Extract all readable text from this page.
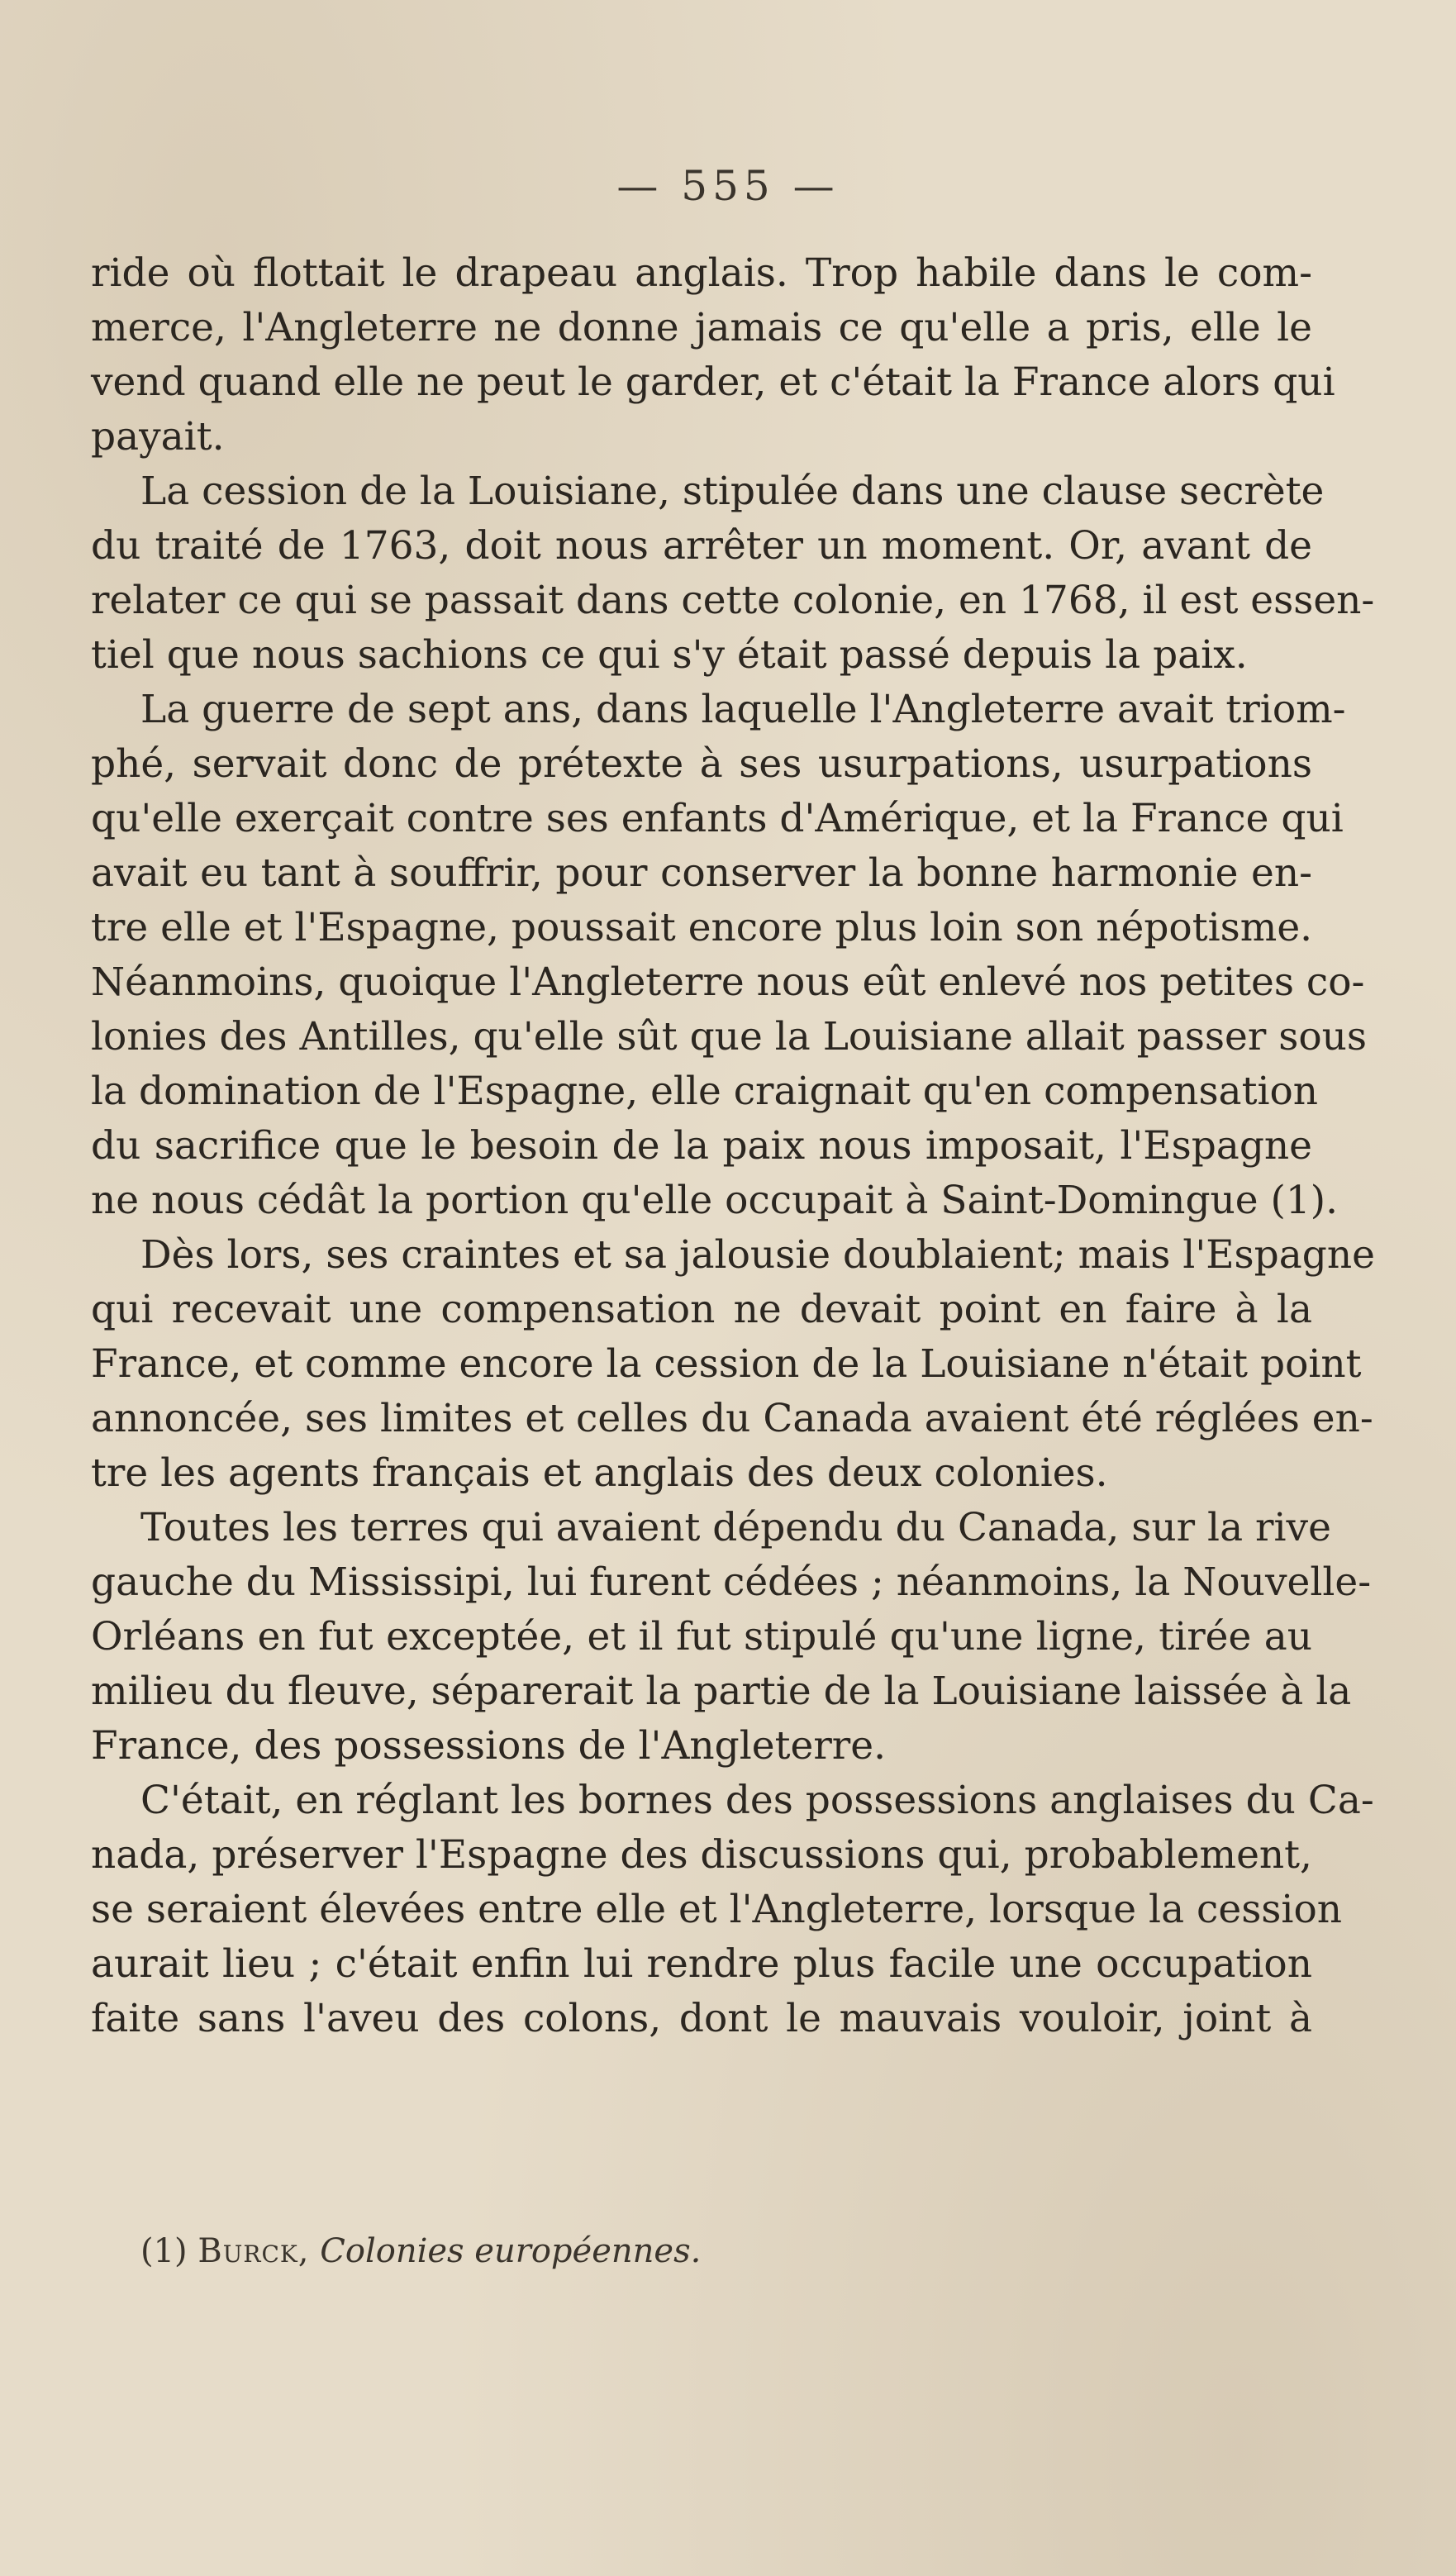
— 555 —
ride où flottait le drapeau anglais. Trop habile dans le com-
merce, l'Angleterre ne donne jamais ce qu'elle a pris, elle le
vend quand elle ne peut le garder, et c'était la France alors qui
payait.
La cession de la Louisiane, stipulée dans une clause secrète
du traité de 1763, doit nous arrêter un moment. Or, avant de
relater ce qui se passait dans cette colonie, en 1768, il est essen-
tiel que nous sachions ce qui s'y était passé depuis la paix.
La guerre de sept ans, dans laquelle l'Angleterre avait triom-
phé, servait donc de prétexte à ses usurpations, usurpations
qu'elle exerçait contre ses enfants d'Amérique, et la France qui
avait eu tant à souffrir, pour conserver la bonne harmonie en-
tre elle et l'Espagne, poussait encore plus loin son népotisme.
Néanmoins, quoique l'Angleterre nous eût enlevé nos petites co-
lonies des Antilles, qu'elle sût que la Louisiane allait passer sous
la domination de l'Espagne, elle craignait qu'en compensation
du sacrifice que le besoin de la paix nous imposait, l'Espagne
ne nous cédât la portion qu'elle occupait à Saint-Domingue (1).
Dès lors, ses craintes et sa jalousie doublaient; mais l'Espagne
qui recevait une compensation ne devait point en faire à la
France, et comme encore la cession de la Louisiane n'était point
annoncée, ses limites et celles du Canada avaient été réglées en-
tre les agents français et anglais des deux colonies.
Toutes les terres qui avaient dépendu du Canada, sur la rive
gauche du Mississipi, lui furent cédées ; néanmoins, la Nouvelle-
Orléans en fut exceptée, et il fut stipulé qu'une ligne, tirée au
milieu du fleuve, séparerait la partie de la Louisiane laissée à la
France, des possessions de l'Angleterre.
C'était, en réglant les bornes des possessions anglaises du Ca-
nada, préserver l'Espagne des discussions qui, probablement,
se seraient élevées entre elle et l'Angleterre, lorsque la cession
aurait lieu ; c'était enfin lui rendre plus facile une occupation
faite sans l'aveu des colons, dont le mauvais vouloir, joint à
(1) Burck, Colonies européennes.
